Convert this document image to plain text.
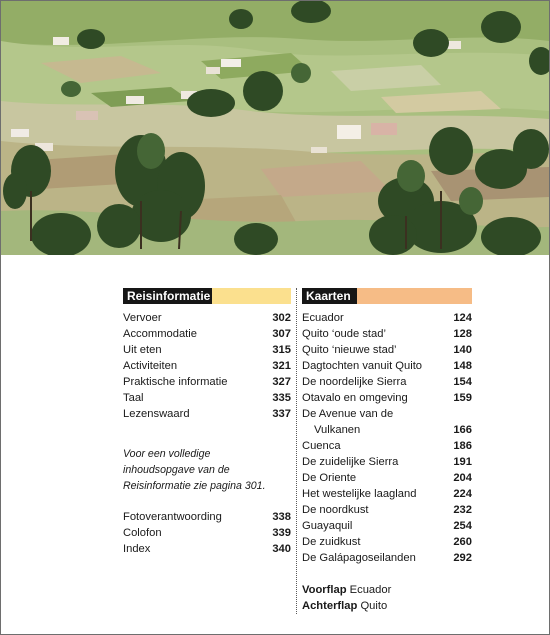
Reisinformatie
Vervoer	302
Accommodatie	307
Uit eten	315
Activiteiten	321
Praktische informatie	327
Taal	335
Lezenswaard	337
Voor een volledige inhoudsopgave van de Reisinformatie zie pagina 301.
Fotoverantwoording	338
Colofon	339
Index	340
Kaarten
Ecuador	124
Quito ‘oude stad’	128
Quito ‘nieuwe stad’	140
Dagtochten vanuit Quito	148
De noordelijke Sierra	154
Otavalo en omgeving	159
De Avenue van de
Vulkanen	166
Cuenca	186
De zuidelijke Sierra	191
De Oriente	204
Het westelijke laagland	224
De noordkust	232
Guayaquil	254
De zuidkust	260
De Galápagoseilanden	292
Voorflap Ecuador
Achterflap Quito
